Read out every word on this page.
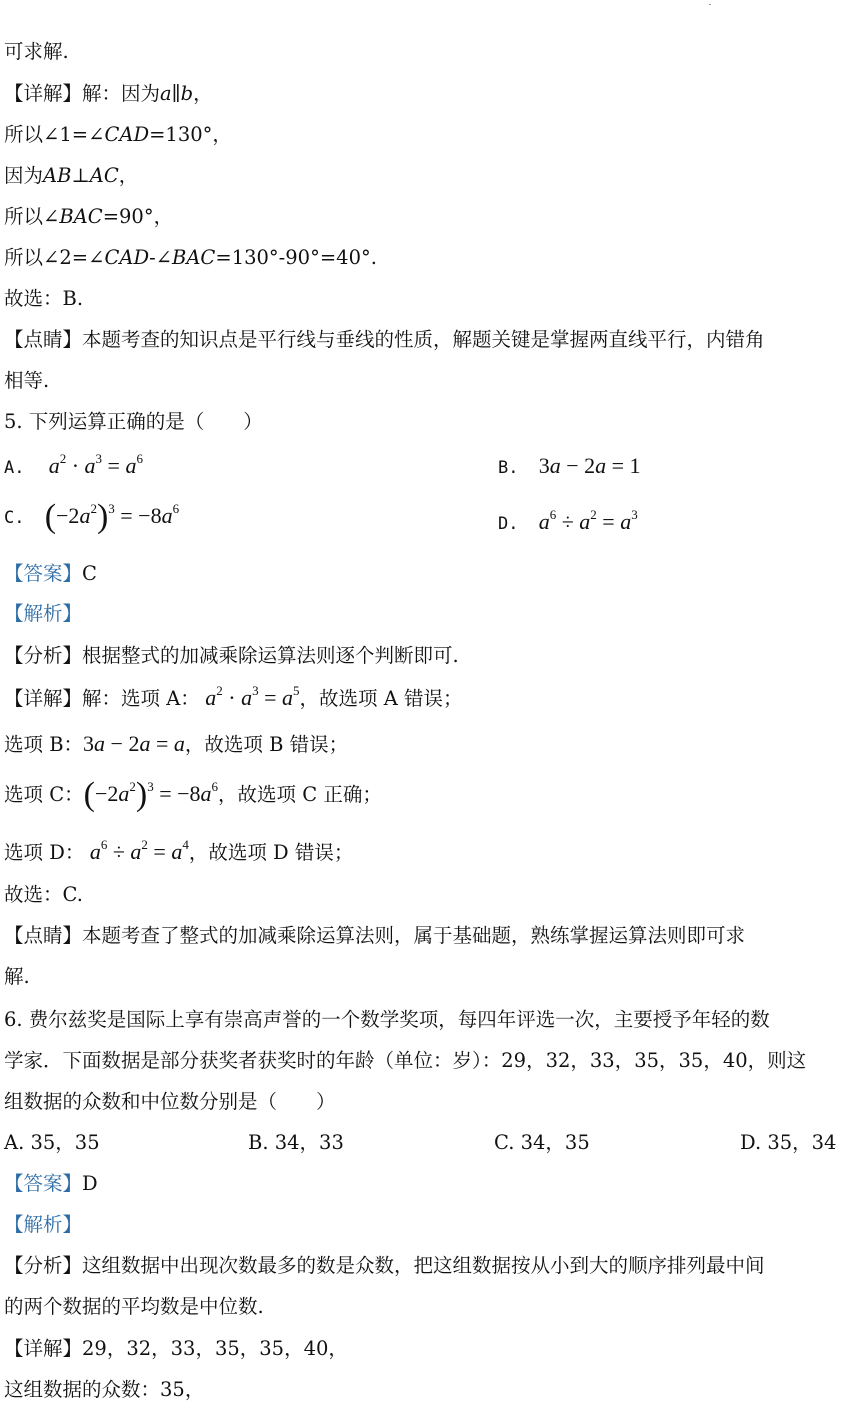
可求解.
【详解】解：因为a∥b，
所以∠1=∠CAD=130°，
因为AB⊥AC，
所以∠BAC=90°，
所以∠2=∠CAD-∠BAC=130°-90°=40°.
故选：B.
【点睛】本题考查的知识点是平行线与垂线的性质，解题关键是掌握两直线平行，内错角
相等.
5. 下列运算正确的是（　　）
A. $a^2 \cdot a^3 = a^6$	B. 3a − 2a = 1
C. $(-2a^2)^3 = -8a^6$
D. $a^6 \div a^2 = a^3$
【答案】C
【解析】
【分析】根据整式的加减乘除运算法则逐个判断即可.
【详解】解：选项 A： $a^2 \cdot a^3 = a^5$，故选项 A 错误；
选项 B：3a − 2a = a，故选项 B 错误；
选项 C：$(-2a^2)^3 = -8a^6$，故选项 C 正确；
选项 D： $a^6 \div a^2 = a^4$，故选项 D 错误；
故选：C.
【点睛】本题考查了整式的加减乘除运算法则，属于基础题，熟练掌握运算法则即可求
解.
6. 费尔兹奖是国际上享有崇高声誉的一个数学奖项，每四年评选一次，主要授予年轻的数
学家．下面数据是部分获奖者获奖时的年龄（单位：岁）：29，32，33，35，35，40，则这
组数据的众数和中位数分别是（　　）
A. 35，35	B. 34，33	C. 34，35	D. 35，34
【答案】D
【解析】
【分析】这组数据中出现次数最多的数是众数，把这组数据按从小到大的顺序排列最中间
的两个数据的平均数是中位数.
【详解】29，32，33，35，35，40，
这组数据的众数：35，
